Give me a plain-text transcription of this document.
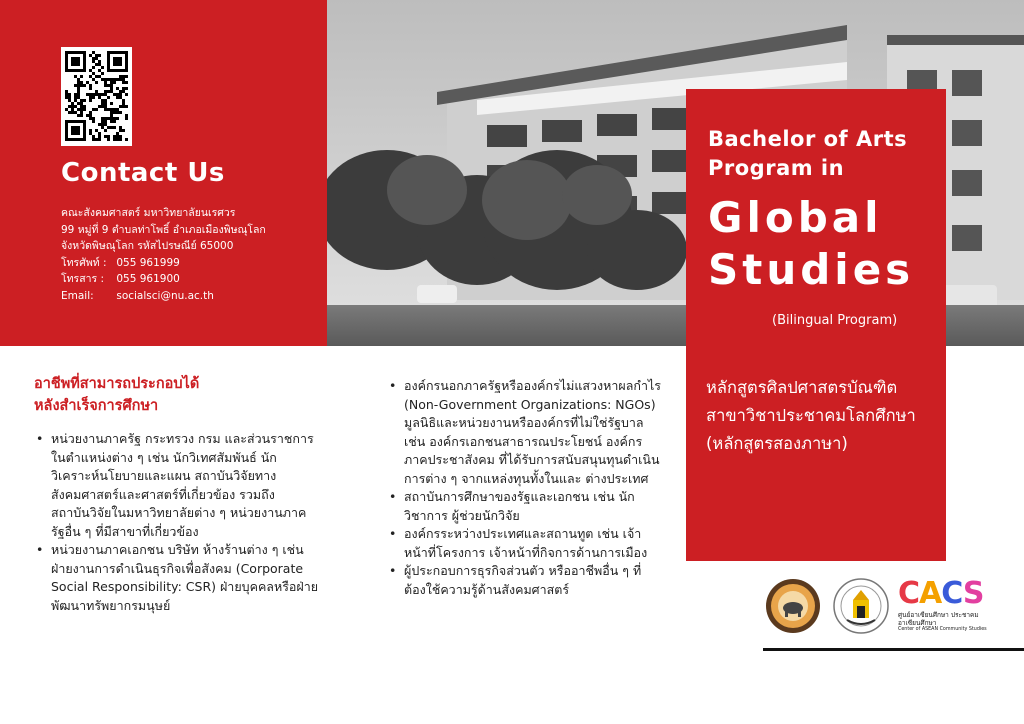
Contact Us
คณะสังคมศาสตร์ มหาวิทยาลัยนเรศวร
99 หมู่ที่ 9 ตำบลท่าโพธิ์ อำเภอเมืองพิษณุโลก
จังหวัดพิษณุโลก รหัสไปรษณีย์ 65000
โทรศัพท์ : 055 961999
โทรสาร : 055 961900
Email: socialsci@nu.ac.th
Bachelor of Arts
Program in
Global
Studies
(Bilingual Program)
หลักสูตรศิลปศาสตรบัณฑิต
สาขาวิชาประชาคมโลกศึกษา
(หลักสูตรสองภาษา)
อาชีพที่สามารถประกอบได้
หลังสำเร็จการศึกษา
• หน่วยงานภาครัฐ กระทรวง กรม และส่วนราชการในตำแหน่งต่าง ๆ เช่น นักวิเทศสัมพันธ์ นักวิเคราะห์นโยบายและแผน สถาบันวิจัยทางสังคมศาสตร์และศาสตร์ที่เกี่ยวข้อง รวมถึงสถาบันวิจัยในมหาวิทยาลัยต่าง ๆ หน่วยงานภาครัฐอื่น ๆ ที่มีสาขาที่เกี่ยวข้อง
• หน่วยงานภาคเอกชน บริษัท ห้างร้านต่าง ๆ เช่น ฝ่ายงานการดำเนินธุรกิจเพื่อสังคม (Corporate Social Responsibility: CSR) ฝ่ายบุคคลหรือฝ่ายพัฒนาทรัพยากรมนุษย์
• องค์กรนอกภาครัฐหรือองค์กรไม่แสวงหาผลกำไร (Non-Government Organizations: NGOs) มูลนิธิและหน่วยงานหรือองค์กรที่ไม่ใช่รัฐบาล เช่น องค์กรเอกชนสาธารณประโยชน์ องค์กรภาคประชาสังคม ที่ได้รับการสนับสนุนทุนดำเนินการต่าง ๆ จากแหล่งทุนทั้งในและ ต่างประเทศ
• สถาบันการศึกษาของรัฐและเอกชน เช่น นักวิชาการ ผู้ช่วยนักวิจัย
• องค์กรระหว่างประเทศและสถานทูต เช่น เจ้าหน้าที่โครงการ เจ้าหน้าที่กิจการด้านการเมือง
• ผู้ประกอบการธุรกิจส่วนตัว หรืออาชีพอื่น ๆ ที่ต้องใช้ความรู้ด้านสังคมศาสตร์	CACS
ศูนย์อาเซียนศึกษา ประชาคมอาเซียนศึกษา
Center of ASEAN Community Studies
